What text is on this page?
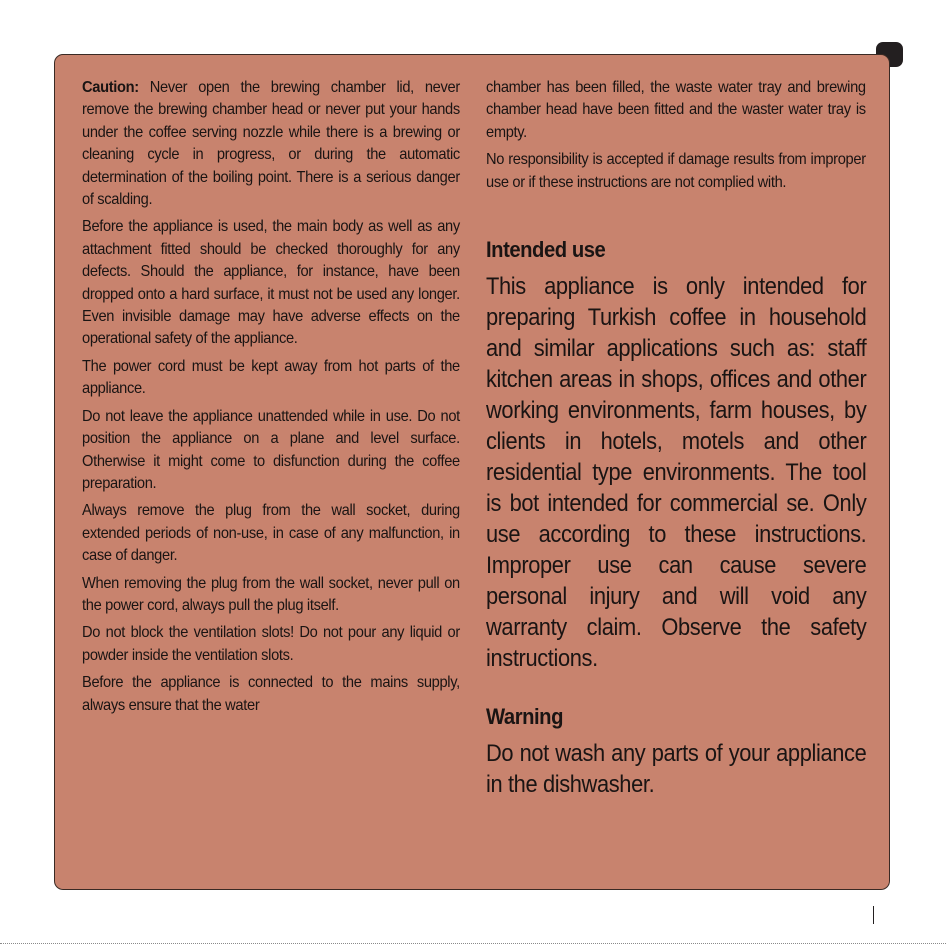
Caution: Never open the brewing chamber lid, never remove the brewing chamber head or never put your hands under the coffee serving nozzle while there is a brewing or cleaning cycle in progress, or during the automatic determination of the boiling point. There is a serious danger of scalding.

Before the appliance is used, the main body as well as any attachment fitted should be checked thoroughly for any defects. Should the appliance, for instance, have been dropped onto a hard surface, it must not be used any longer. Even invisible damage may have adverse effects on the operational safety of the appliance.

The power cord must be kept away from hot parts of the appliance.

Do not leave the appliance unattended while in use. Do not position the appliance on a plane and level surface. Otherwise it might come to disfunction during the coffee preparation.

Always remove the plug from the wall socket, during extended periods of non-use, in case of any malfunction, in case of danger.

When removing the plug from the wall socket, never pull on the power cord, always pull the plug itself.

Do not block the ventilation slots! Do not pour any liquid or powder inside the ventilation slots.

Before the appliance is connected to the mains supply, always ensure that the water

chamber has been filled, the waste water tray and brewing chamber head have been fitted and the waster water tray is empty.

No responsibility is accepted if damage results from improper use or if these instructions are not complied with.

Intended use

This appliance is only intended for preparing Turkish coffee in household and similar applications such as: staff kitchen areas in shops, offices and other working environments, farm houses, by clients in hotels, motels and other residential type environments. The tool is bot intended for commercial se. Only use according to these instructions. Improper use can cause severe personal injury and will void any warranty claim. Observe the safety instructions.

Warning

Do not wash any parts of your appliance in the dishwasher.
